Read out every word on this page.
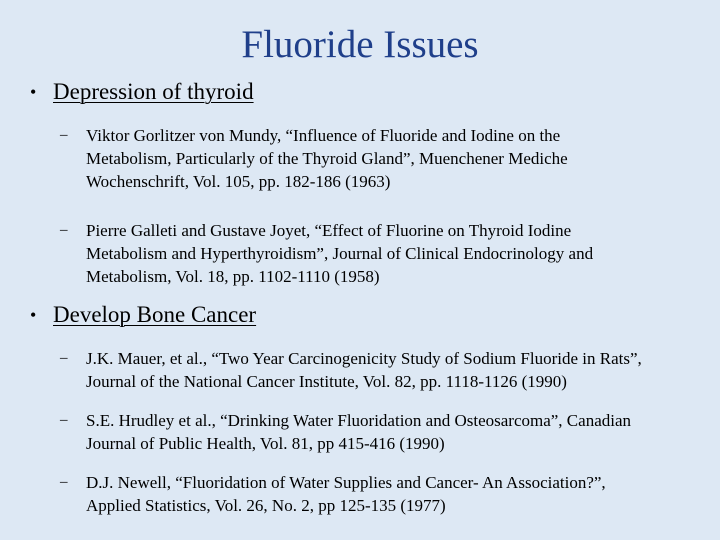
Fluoride Issues
• Depression of thyroid
– Viktor Gorlitzer von Mundy, “Influence of Fluoride and Iodine on the
Metabolism, Particularly of the Thyroid Gland”, Muenchener Mediche
Wochenschrift, Vol. 105, pp. 182-186 (1963)
– Pierre Galleti and Gustave Joyet, “Effect of Fluorine on Thyroid Iodine
Metabolism and Hyperthyroidism”, Journal of Clinical Endocrinology and
Metabolism, Vol. 18, pp. 1102-1110 (1958)
• Develop Bone Cancer
– J.K. Mauer, et al., “Two Year Carcinogenicity Study of Sodium Fluoride in Rats”,
Journal of the National Cancer Institute, Vol. 82, pp. 1118-1126 (1990)
– S.E. Hrudley et al., “Drinking Water Fluoridation and Osteosarcoma”, Canadian
Journal of Public Health, Vol. 81, pp 415-416 (1990)
– D.J. Newell, “Fluoridation of Water Supplies and Cancer- An Association?”,
Applied Statistics, Vol. 26, No. 2, pp 125-135 (1977)
